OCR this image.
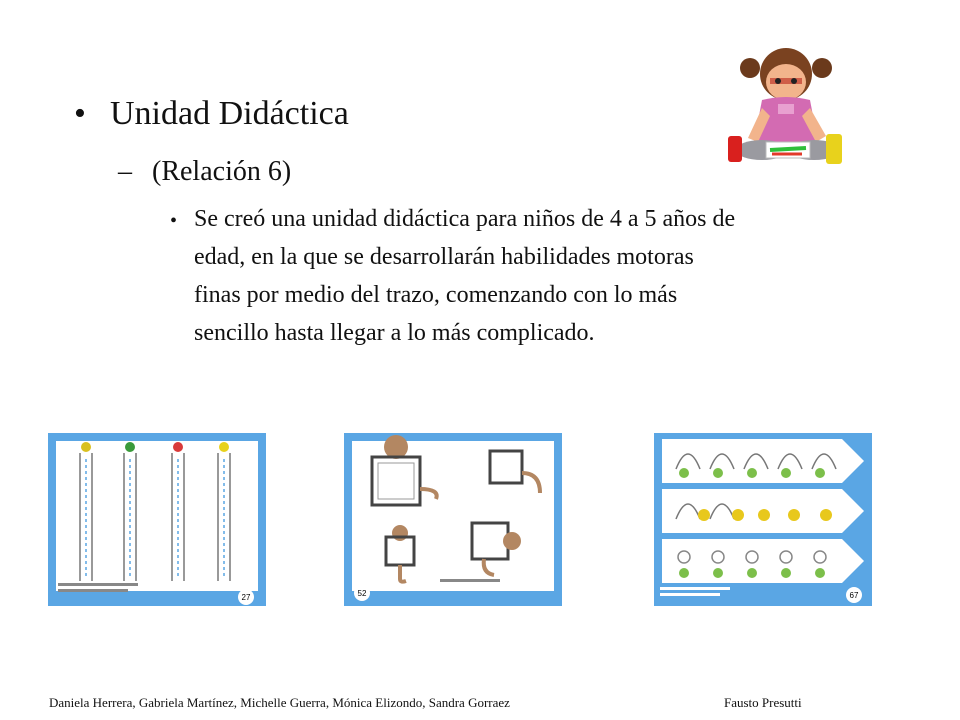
• Unidad Didáctica
– (Relación 6)
• Se creó una unidad didáctica para niños de 4 a 5 años de
edad, en la que se desarrollarán habilidades motoras
finas por medio del trazo, comenzando con lo más
sencillo hasta llegar a lo más complicado.
27	52	67
Daniela Herrera, Gabriela Martínez, Michelle Guerra, Mónica Elizondo, Sandra Gorraez	Fausto Presutti
